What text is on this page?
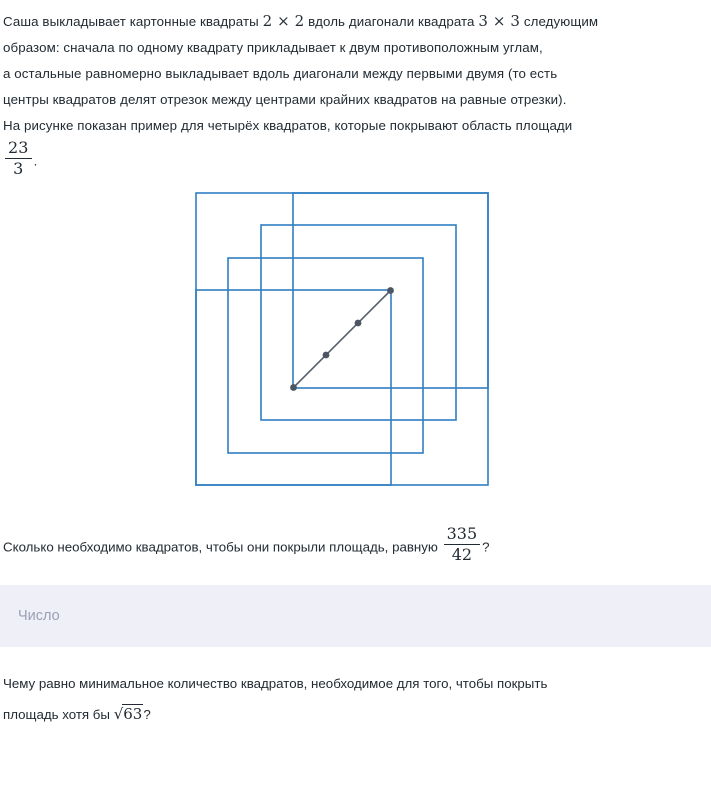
Саша выкладывает картонные квадраты 2 × 2 вдоль диагонали квадрата 3 × 3 следующим

образом: сначала по одному квадрату прикладывает к двум противоположным углам,

а остальные равномерно выкладывает вдоль диагонали между первыми двумя (то есть

центры квадратов делят отрезок между центрами крайних квадратов на равные отрезки).

На рисунке показан пример для четырёх квадратов, которые покрывают область площади

$\frac{23}{3}$ .

Сколько необходимо квадратов, чтобы они покрыли площадь, равную $\frac{335}{42}$ ?
Число
Чему равно минимальное количество квадратов, необходимое для того, чтобы покрыть
площадь хотя бы √63?
